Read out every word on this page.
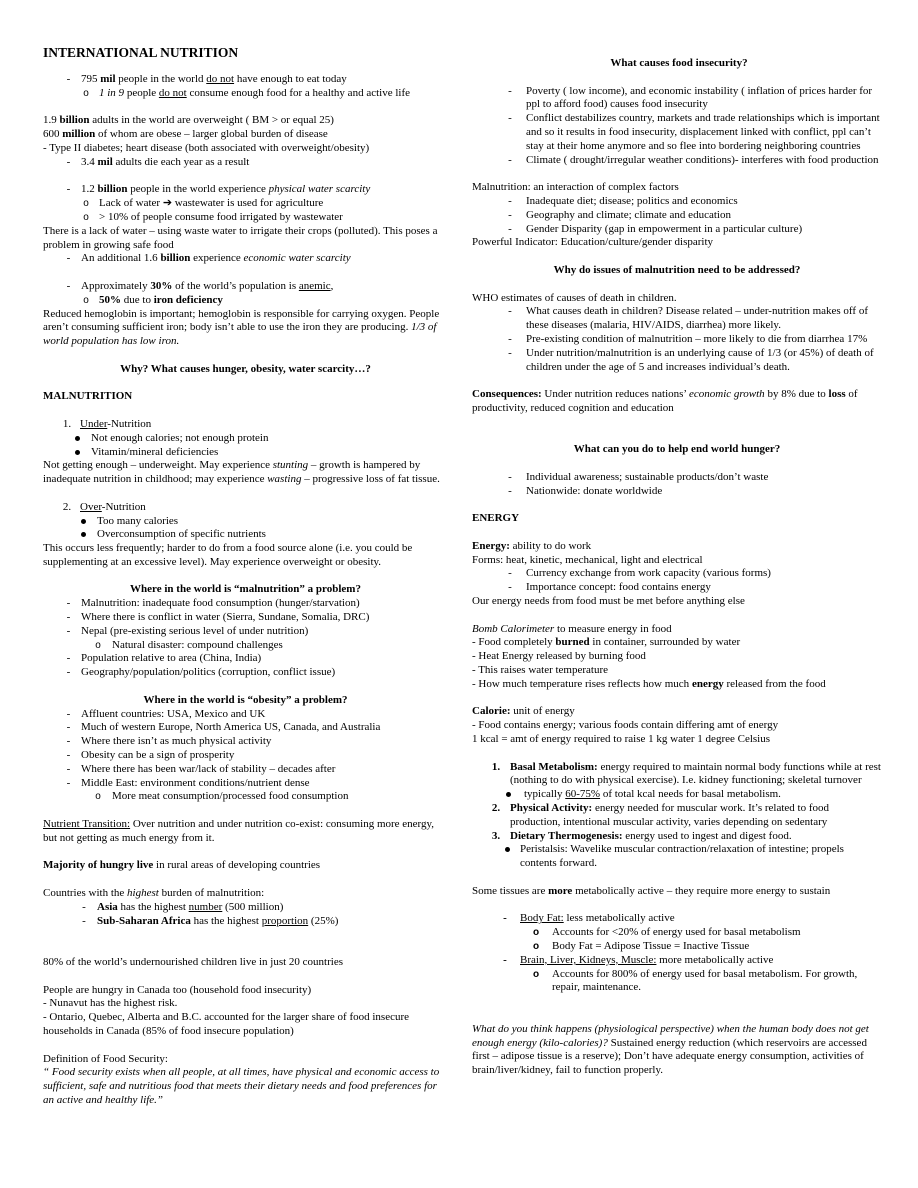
INTERNATIONAL NUTRITION
- 795 mil people in the world do not have enough to eat today
o 1 in 9 people do not consume enough food for a healthy and active life
1.9 billion adults in the world are overweight ( BM > or equal 25)
600 million of whom are obese – larger global burden of disease
- Type II diabetes; heart disease (both associated with overweight/obesity)
- 3.4 mil adults die each year as a result
- 1.2 billion people in the world experience physical water scarcity
o Lack of water ➔ wastewater is used for agriculture
o > 10% of people consume food irrigated by wastewater
There is a lack of water – using waste water to irrigate their crops (polluted). This poses a problem in growing safe food
- An additional 1.6 billion experience economic water scarcity
- Approximately 30% of the world’s population is anemic,
o 50% due to iron deficiency
Reduced hemoglobin is important; hemoglobin is responsible for carrying oxygen. People aren’t consuming sufficient iron; body isn’t able to use the iron they are producing. 1/3 of world population has low iron.
Why? What causes hunger, obesity, water scarcity…?
MALNUTRITION
1. Under-Nutrition
Not enough calories; not enough protein
Vitamin/mineral deficiencies
Not getting enough – underweight. May experience stunting – growth is hampered by inadequate nutrition in childhood; may experience wasting – progressive loss of fat tissue.
2. Over-Nutrition
Too many calories
Overconsumption of specific nutrients
This occurs less frequently; harder to do from a food source alone (i.e. you could be supplementing at an excessive level). May experience overweight or obesity.
Where in the world is “malnutrition” a problem?
- Malnutrition: inadequate food consumption (hunger/starvation)
- Where there is conflict in water (Sierra, Sundane, Somalia, DRC)
- Nepal (pre-existing serious level of under nutrition)
o	Natural disaster: compound challenges
- Population relative to area (China, India)
- Geography/population/politics (corruption, conflict issue)
Where in the world is “obesity” a problem?
- Affluent countries: USA, Mexico and UK
- Much of western Europe, North America US, Canada, and Australia
- Where there isn’t as much physical activity
- Obesity can be a sign of prosperity
- Where there has been war/lack of stability – decades after
- Middle East: environment conditions/nutrient dense
o	More meat consumption/processed food consumption
Nutrient Transition: Over nutrition and under nutrition co-exist: consuming more energy, but not getting as much energy from it.
Majority of hungry live in rural areas of developing countries
Countries with the highest burden of malnutrition:
-	Asia has the highest number (500 million)
-	Sub-Saharan Africa has the highest proportion (25%)
80% of the world’s undernourished children live in just 20 countries
People are hungry in Canada too (household food insecurity)
- Nunavut has the highest risk.
- Ontario, Quebec, Alberta and B.C. accounted for the larger share of food insecure households in Canada (85% of food insecure population)
Definition of Food Security:
“ Food security exists when all people, at all times, have physical and economic access to sufficient, safe and nutritious food that meets their dietary needs and food preferences for an active and healthy life.”
What causes food insecurity?
-	Poverty ( low income), and economic instability ( inflation of prices harder for ppl to afford food) causes food insecurity
-	Conflict destabilizes country, markets and trade relationships which is important and so it results in food insecurity, displacement linked with conflict, ppl can’t stay at their home anymore and so flee into bordering neighboring countries
-	Climate ( drought/irregular weather conditions)- interferes with food production
Malnutrition: an interaction of complex factors
-	Inadequate diet; disease; politics and economics
-	Geography and climate; climate and education
-	Gender Disparity (gap in empowerment in a particular culture)
Powerful Indicator: Education/culture/gender disparity
Why do issues of malnutrition need to be addressed?
WHO estimates of causes of death in children.
-	What causes death in children? Disease related – under-nutrition makes off of these diseases (malaria, HIV/AIDS, diarrhea) more likely.
-	Pre-existing condition of malnutrition – more likely to die from diarrhea 17%
-	Under nutrition/malnutrition is an underlying cause of 1/3 (or 45%) of death of children under the age of 5 and increases individual’s death.
Consequences: Under nutrition reduces nations’ economic growth by 8% due to loss of productivity, reduced cognition and education
What can you do to help end world hunger?
-	Individual awareness; sustainable products/don’t waste
-	Nationwide: donate worldwide
ENERGY
Energy: ability to do work
Forms: heat, kinetic, mechanical, light and electrical
-	Currency exchange from work capacity (various forms)
-	Importance concept: food contains energy
Our energy needs from food must be met before anything else
Bomb Calorimeter to measure energy in food
- Food completely burned in container, surrounded by water
- Heat Energy released by burning food
- This raises water temperature
- How much temperature rises reflects how much energy released from the food
Calorie: unit of energy
- Food contains energy; various foods contain differing amt of energy
1 kcal = amt of energy required to raise 1 kg water 1 degree Celsius
1. Basal Metabolism: energy required to maintain normal body functions while at rest (nothing to do with physical exercise). I.e. kidney functioning; skeletal turnover
typically 60-75% of total kcal needs for basal metabolism.
2. Physical Activity: energy needed for muscular work. It’s related to food production, intentional muscular activity, varies depending on sedentary
3. Dietary Thermogenesis: energy used to ingest and digest food.
Peristalsis: Wavelike muscular contraction/relaxation of intestine; propels contents forward.
Some tissues are more metabolically active – they require more energy to sustain
-	Body Fat: less metabolically active
o	Accounts for <20% of energy used for basal metabolism
o	Body Fat = Adipose Tissue = Inactive Tissue
-	Brain, Liver, Kidneys, Muscle: more metabolically active
o	Accounts for 800% of energy used for basal metabolism. For growth, repair, maintenance.
What do you think happens (physiological perspective) when the human body does not get enough energy (kilo-calories)? Sustained energy reduction (which reservoirs are accessed first – adipose tissue is a reserve); Don’t have adequate energy consumption, activities of brain/liver/kidney, fail to function properly.
